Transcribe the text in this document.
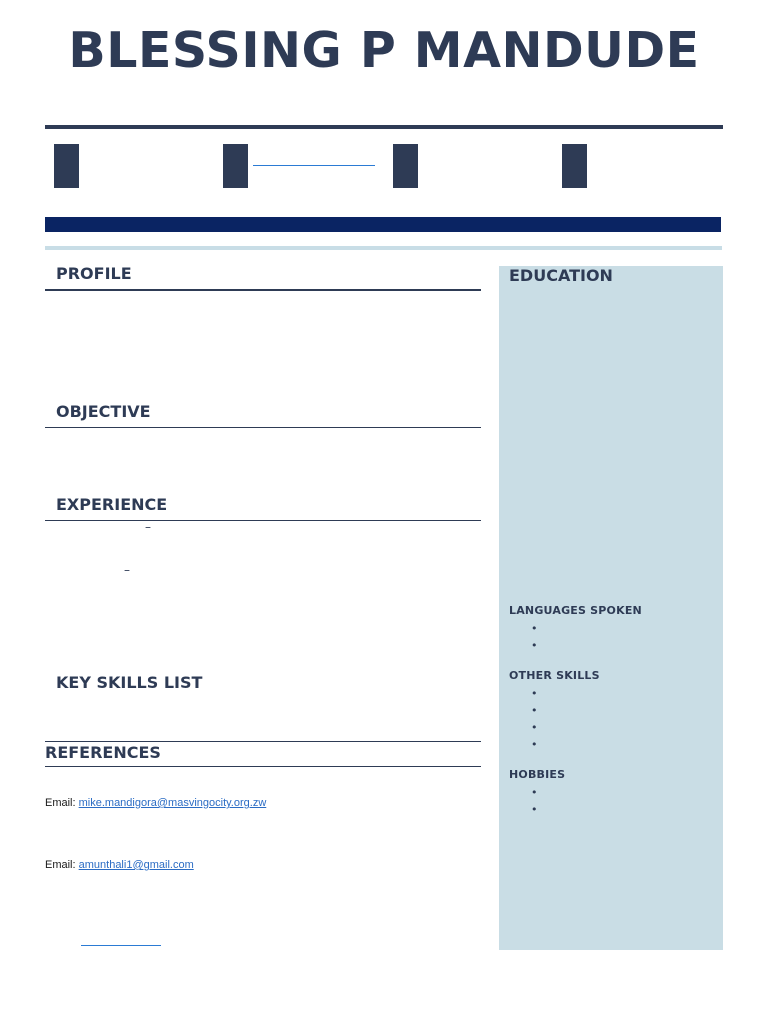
BLESSING P MANDUDE
PROFILE
OBJECTIVE
EXPERIENCE
–
–
KEY SKILLS LIST
REFERENCES
Email: mike.mandigora@masvingocity.org.zw
Email: amunthali1@gmail.com
EDUCATION
LANGUAGES SPOKEN
•
•
OTHER SKILLS
•
•
•
•
HOBBIES
•
•
